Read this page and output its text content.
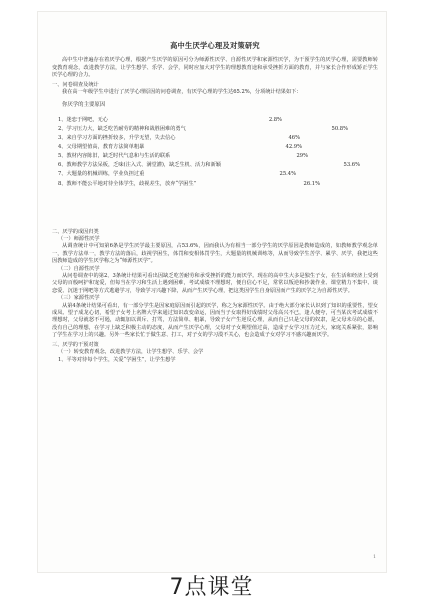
高中生厌学心理及对策研究

高中生中普遍存在着厌学心理，根据产生厌学的原因可分为师源性厌学、自源性厌学和家源性厌学，为干预学生的厌学心理，需要教师转变教育观念，改进教学方法，让学生想学、乐学、会学，同时应加大对学生的理想教育途和承受挫折方面的教育，并与家长合作形成矫正学生厌学心理的合力。

一、问卷调查及统计

我在高一年级学生中进行了厌学心理原因的问卷调查，有厌学心理的学生达65.2%，分项统计结果如下：

你厌学的主要原因
1、迷恋于网吧，无心	2.8%
2、学习压力大，缺乏吃苦耐劳的精神和战胜困难的勇气	50.8%
3、来自学习方面的挫折较多，升学无望，失去信心	46%
4、父母期望值高，教育方法简单粗暴	42.9%
5、教材内容陈旧，缺乏时代气息和与生活的联系	29%
6、教师教学方法呆板，乏味(注入式、满堂灌)，缺乏生机、活力和新颖	53.6%
7、大题量的机械训练，学业负担过重	25.4%
8、教师不能公平地对待全体学生，歧视差生，放弃“学困生”	26.1%

二、厌学的成因归类

（一）师源性厌学

从调查统计中可知第6条是学生厌学最主要原因，占53.6%，因而我认为有相当一部分学生的厌学原因是教师造成的，如教师教学观念单一，教学方法单一，教学方法的落后，歧视学困生，体罚和变相体罚学生，大题量的机械训练等，从而导致学生苦学、累学、厌学，我把这些因教师造成的学生厌学称之为“师源性厌学”。

（二）自源性厌学

从问卷调查中的第2、3条统计结果可看出因缺乏吃苦耐劳和承受挫折的能力而厌学。现在的高中生大多是独生子女，在生活和经济上受到父母的百般呵护和宠爱，但每当在学习和生活上遇到困难，考试成绩不理想时，便自信心不足，常常以叛逆和抄袭作业、课堂精力不集中、谈恋爱、沉迷于网吧等方式逃避学习，导致学习兴趣下降，从而产生厌学心理，把这类因学生自身原因而产生的厌学之为自源性厌学。

（三）家源性厌学

从第4条统计结果可看出，有一部分学生是因家庭原因而引起的厌学，称之为家源性厌学。由于绝大部分家长认识到了知识的重要性，望女成凤、望子成龙心切，希望子女考上名牌大学来通过知识改变命运，因而当子女取得好成绩时父母高兴不已，逢人便夸，可当某次考试成绩不理想时，父母就怒不可遏，动辄加以训斥、打骂，方法简单、粗暴，导致子女产生逆反心理，从而自己只是父母的奴隶，是父母未尽的心愿，没有自己的理想，在学习上缺乏积极主动的态度，从而产生厌学心理，父母对子女期望值过高，造成子女学习压力过大，家庭关系紧张，影响了学生在学习上的兴趣。另外一些家长忙于做生意、打工，对子女的学习漠不关心，也会造成子女对学习不感兴趣而厌学。

三、厌学的干预对策

（一）转变教育观念，改进教学方法，让学生想学、乐学、会学

1、平等对待每个学生，关爱“学困生”，让学生想学

1
7点课堂
